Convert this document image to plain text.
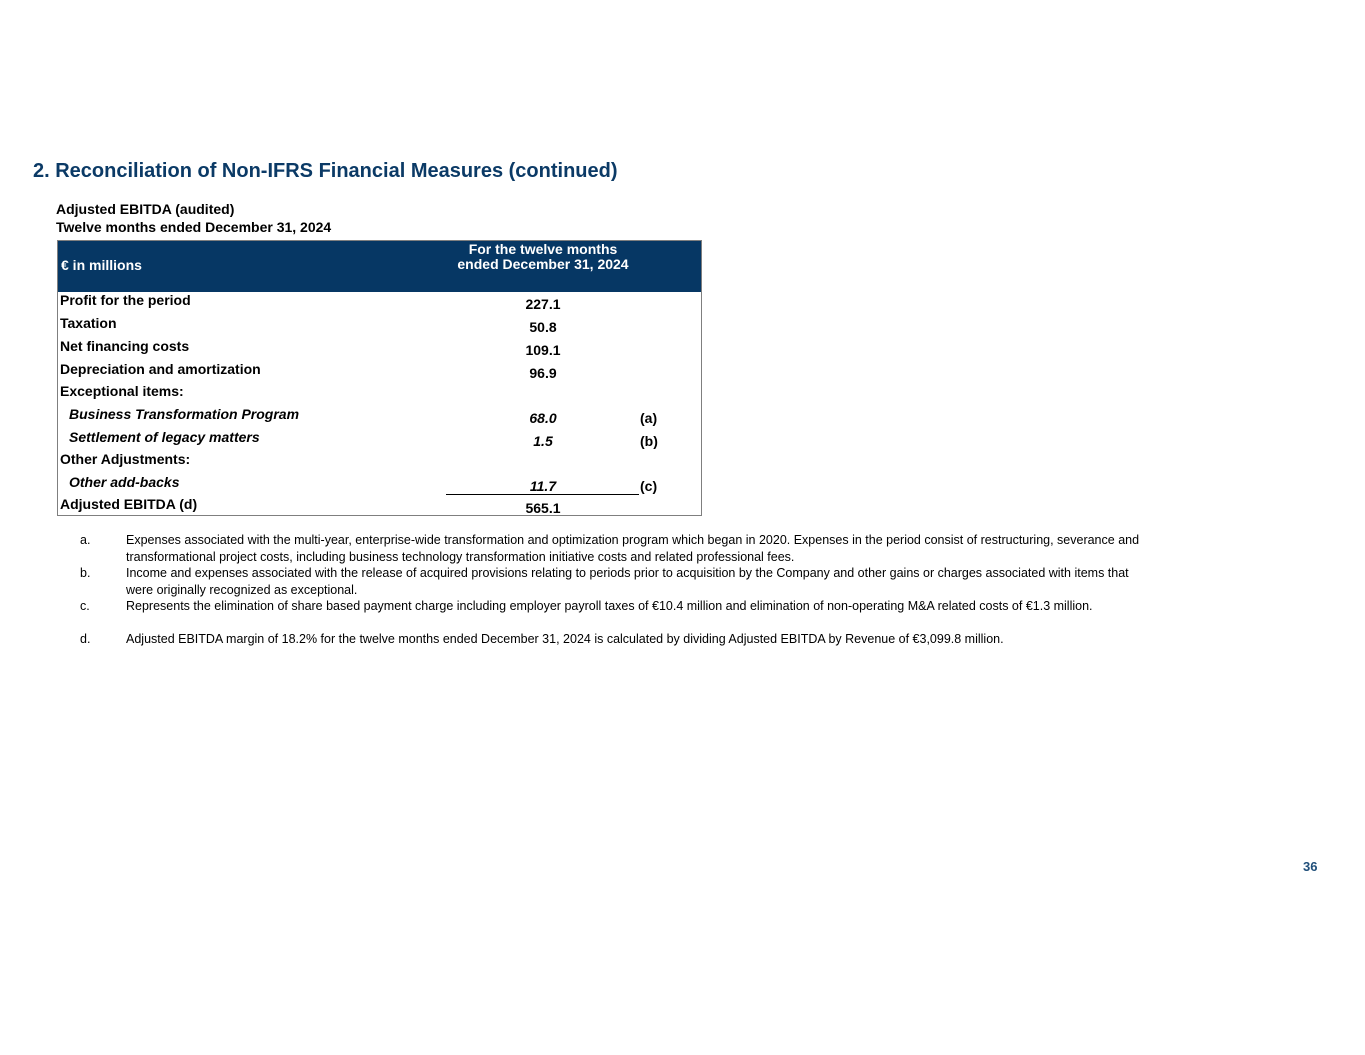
2. Reconciliation of Non-IFRS Financial Measures (continued)
Adjusted EBITDA (audited)
Twelve months ended December 31, 2024
€ in millions
For the twelve months ended December 31, 2024
Profit for the period	227.1
Taxation	50.8
Net financing costs	109.1
Depreciation and amortization	96.9
Exceptional items:
Business Transformation Program	68.0	(a)
Settlement of legacy matters	1.5	(b)
Other Adjustments:
Other add-backs	11.7	(c)
Adjusted EBITDA (d)	565.1
a.	Expenses associated with the multi-year, enterprise-wide transformation and optimization program which began in 2020. Expenses in the period consist of restructuring, severance and transformational project costs, including business technology transformation initiative costs and related professional fees.
b.	Income and expenses associated with the release of acquired provisions relating to periods prior to acquisition by the Company and other gains or charges associated with items that were originally recognized as exceptional.
c.	Represents the elimination of share based payment charge including employer payroll taxes of €10.4 million and elimination of non-operating M&A related costs of €1.3 million.
d.	Adjusted EBITDA margin of 18.2% for the twelve months ended December 31, 2024 is calculated by dividing Adjusted EBITDA by Revenue of €3,099.8 million.
36
